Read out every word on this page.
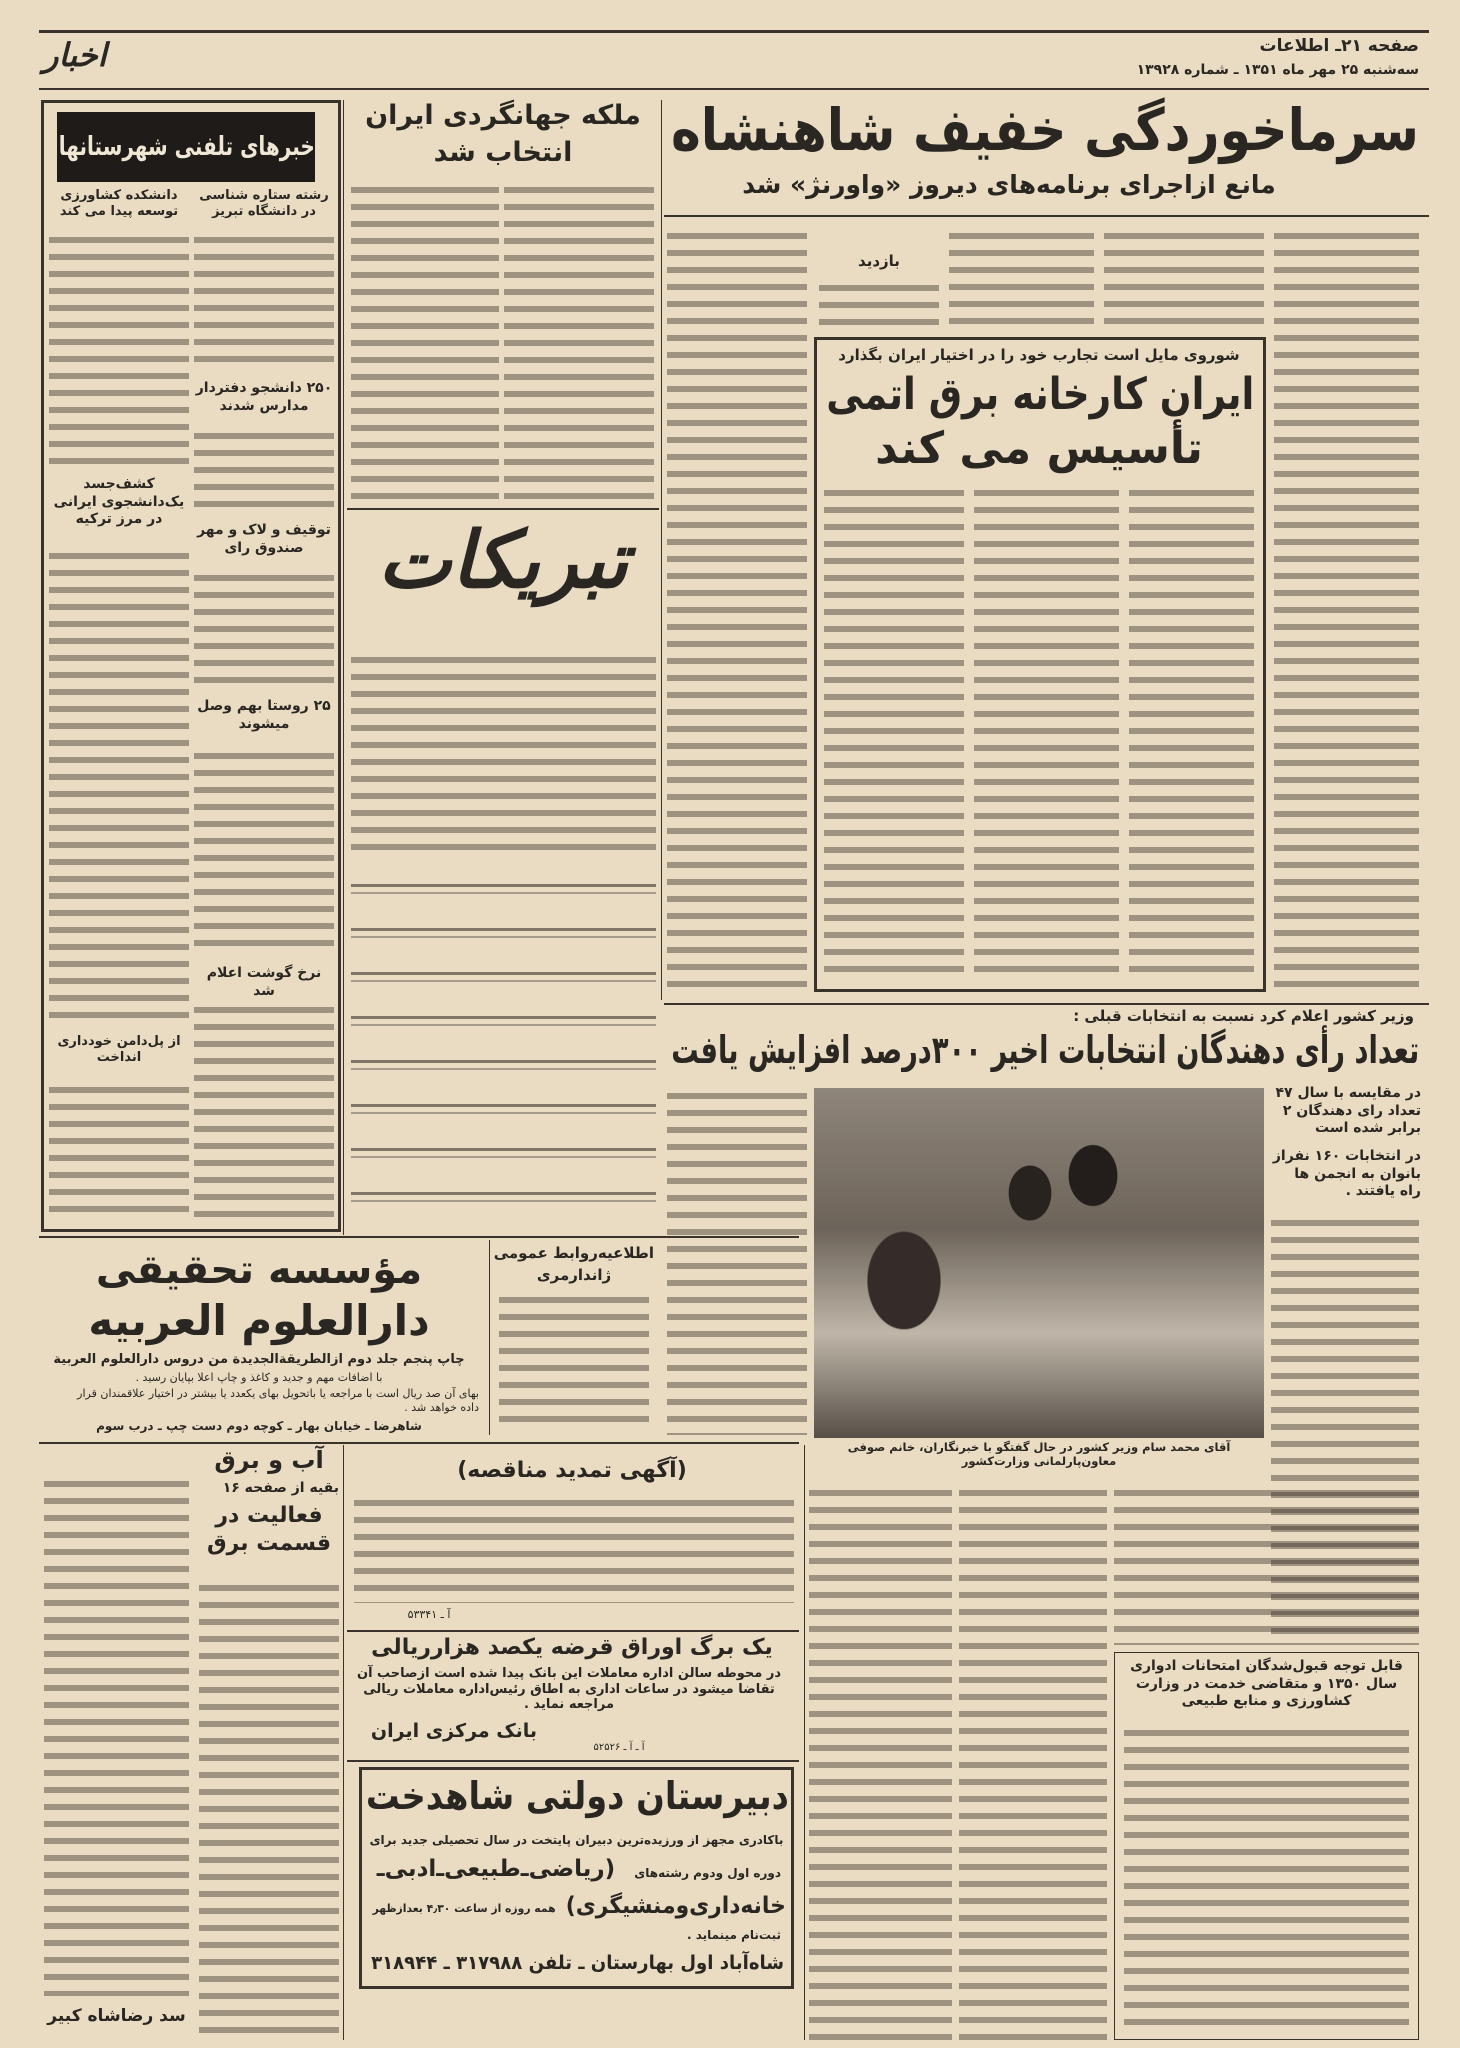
صفحه ۲۱ـ اطلاعات
سه‌شنبه ۲۵ مهر ماه ۱۳۵۱ ـ شماره ۱۳۹۲۸
اخبار
سرماخوردگی خفیف شاهنشاه
مانع ازاجرای برنامه‌های دیروز «واورنژ» شد
بازدید
شوروی مایل است تجارب خود را در اختیار ایران بگذارد
ایران کارخانه برق اتمی
تأسیس می کند
وزیر کشور اعلام کرد نسبت به انتخابات قبلی :
تعداد رأی دهندگان انتخابات اخیر ۳۰۰درصد افزایش یافت
در مقایسه با سال ۴۷ تعداد رای دهندگان ۲ برابر شده است
در انتخابات ۱۶۰ نفراز بانوان به انجمن ها راه یافتند .
آقای محمد سام وزیر کشور در حال گفتگو با خبرنگاران، خانم صوفی معاون‌پارلمانی وزارت‌کشور
قابل توجه قبول‌شدگان امتحانات ادواری سال ۱۳۵۰ و متقاضی خدمت در وزارت کشاورزی و منابع طبیعی
خبرهای تلفنی شهرستانها
رشته ستاره شناسی در دانشگاه تبریز
دانشکده کشاورزی توسعه پیدا می کند
۲۵۰ دانشجو دفتردار مدارس شدند
کشف‌جسد یک‌دانشجوی ایرانی در مرز ترکیه
توقیف و لاک و مهر صندوق رای
۲۵ روستا بهم وصل میشوند
نرخ گوشت اعلام شد
از پل‌دامن خودداری انداخت
ملکه جهانگردی ایران
انتخاب شد
تبریکات
مؤسسه تحقیقی
دارالعلوم العربیه
چاپ پنجم جلد دوم ازالطریقةالجدیدة من دروس دارالعلوم العربیة
با اضافات مهم و جدید و کاغذ و چاپ اعلا بپایان رسید .
بهای آن صد ریال است با مراجعه یا باتحویل بهای یکعدد یا بیشتر در اختیار علاقمندان قرار داده خواهد شد .
شاهرضا ـ خیابان بهار ـ کوچه دوم دست چپ ـ درب سوم
اطلاعیه‌روابط عمومی
ژاندارمری
آب و برق
بقیه از صفحه ۱۶
فعالیت در قسمت برق
سد رضاشاه کبیر
(آگهی تمدید مناقصه)
آ ـ ۵۳۳۴۱
یک برگ اوراق قرضه یکصد هزارریالی
در محوطه سالن اداره معاملات این بانک پیدا شده است ازصاحب آن تقاضا میشود در ساعات اداری به اطاق رئیس‌اداره معاملات ریالی مراجعه نماید .
بانک مرکزی ایران
آ ـ آ ـ ۵۲۵۲۶
دبیرستان دولتی شاهدخت
باکادری مجهز از ورزیده‌ترین دبیران پایتخت در سال تحصیلی جدید برای
دوره اول ودوم رشته‌های
(ریاضی‌ـ‌طبیعی‌ـ‌ادبی‌ـ
خانه‌داری‌ومنشیگری)
همه روزه از ساعت ۴٫۳۰ بعدازظهر
ثبت‌نام مینماید .
شاه‌آباد اول بهارستان ـ تلفن ۳۱۷۹۸۸ ـ ۳۱۸۹۴۴
